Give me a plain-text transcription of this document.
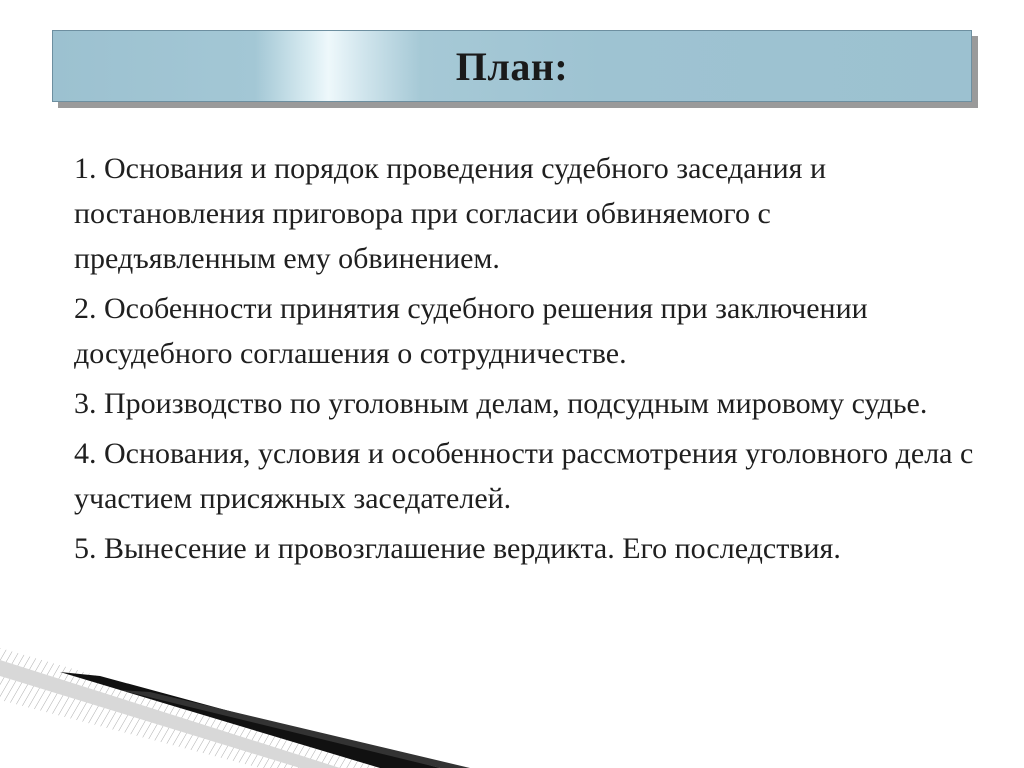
План:
1. Основания и порядок проведения судебного заседания и постановления приговора при согласии обвиняемого с предъявленным ему обвинением.
2. Особенности принятия судебного решения при заключении досудебного соглашения о сотрудничестве.
3. Производство по уголовным делам, подсудным мировому судье.
4. Основания, условия и особенности рассмотрения уголовного дела с участием присяжных заседателей.
5. Вынесение и провозглашение вердикта. Его последствия.
